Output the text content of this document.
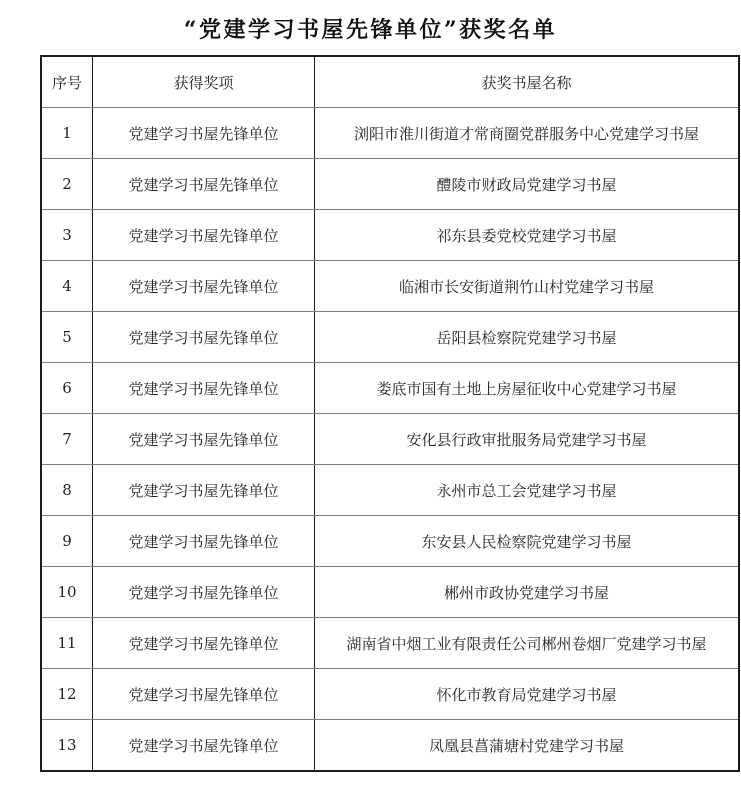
“党建学习书屋先锋单位”获奖名单
序号	获得奖项	获奖书屋名称
1	党建学习书屋先锋单位	浏阳市淮川街道才常商圈党群服务中心党建学习书屋
2	党建学习书屋先锋单位	醴陵市财政局党建学习书屋
3	党建学习书屋先锋单位	祁东县委党校党建学习书屋
4	党建学习书屋先锋单位	临湘市长安街道荆竹山村党建学习书屋
5	党建学习书屋先锋单位	岳阳县检察院党建学习书屋
6	党建学习书屋先锋单位	娄底市国有土地上房屋征收中心党建学习书屋
7	党建学习书屋先锋单位	安化县行政审批服务局党建学习书屋
8	党建学习书屋先锋单位	永州市总工会党建学习书屋
9	党建学习书屋先锋单位	东安县人民检察院党建学习书屋
10	党建学习书屋先锋单位	郴州市政协党建学习书屋
11	党建学习书屋先锋单位	湖南省中烟工业有限责任公司郴州卷烟厂党建学习书屋
12	党建学习书屋先锋单位	怀化市教育局党建学习书屋
13	党建学习书屋先锋单位	凤凰县菖蒲塘村党建学习书屋
